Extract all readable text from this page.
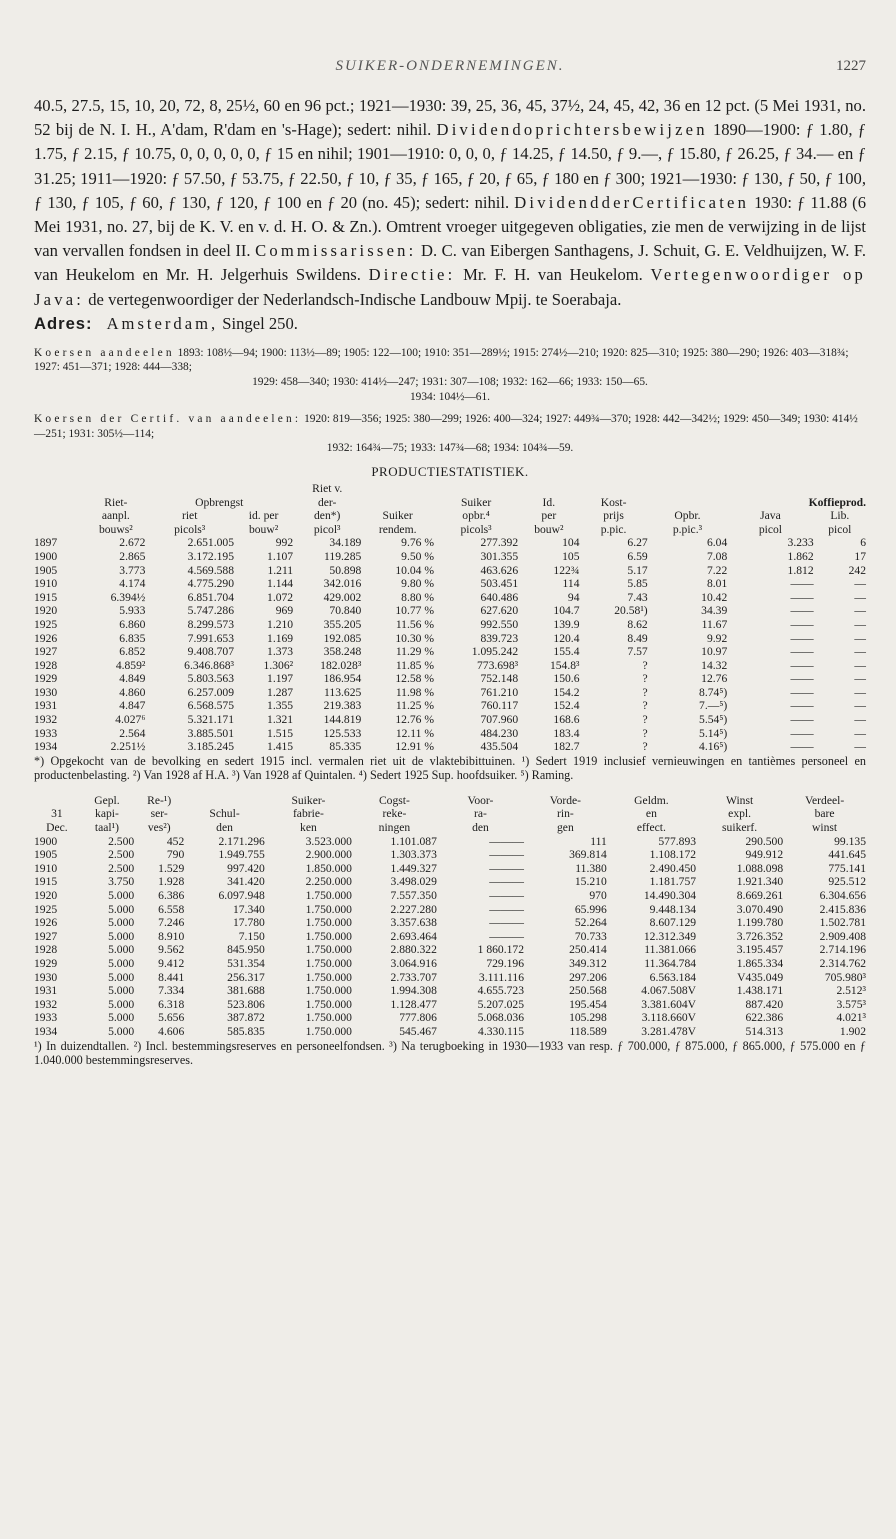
SUIKER-ONDERNEMINGEN.	1227

40.5, 27.5, 15, 10, 20, 72, 8, 25½, 60 en 96 pct.; 1921—1930: 39, 25, 36, 45, 37½, 24, 45, 42, 36 en 12 pct. (5 Mei 1931, no. 52 bij de N. I. H., A'dam, R'dam en 's-Hage); sedert: nihil. Dividendoprichtersbewijzen 1890—1900: ƒ 1.80, ƒ 1.75, ƒ 2.15, ƒ 10.75, 0, 0, 0, 0, 0, ƒ 15 en nihil; 1901—1910: 0, 0, 0, ƒ 14.25, ƒ 14.50, ƒ 9.—, ƒ 15.80, ƒ 26.25, ƒ 34.— en ƒ 31.25; 1911—1920: ƒ 57.50, ƒ 53.75, ƒ 22.50, ƒ 10, ƒ 35, ƒ 165, ƒ 20, ƒ 65, ƒ 180 en ƒ 300; 1921—1930: ƒ 130, ƒ 50, ƒ 100, ƒ 130, ƒ 105, ƒ 60, ƒ 130, ƒ 120, ƒ 100 en ƒ 20 (no. 45); sedert: nihil. DividendderCertificaten 1930: ƒ 11.88 (6 Mei 1931, no. 27, bij de K. V. en v. d. H. O. & Zn.). Omtrent vroeger uitgegeven obligaties, zie men de verwijzing in de lijst van vervallen fondsen in deel II. Commissarissen: D. C. van Eibergen Santhagens, J. Schuit, G. E. Veldhuijzen, W. F. van Heukelom en Mr. H. Jelgerhuis Swildens. Directie: Mr. F. H. van Heukelom. Vertegenwoordiger op Java: de vertegenwoordiger der Nederlandsch-Indische Landbouw Mpij. te Soerabaja.

Adres: Amsterdam, Singel 250.

Koersen aandeelen 1893: 108½—94; 1900: 113½—89; 1905: 122—100; 1910: 351—289½; 1915: 274½—210; 1920: 825—310; 1925: 380—290; 1926: 403—318¾; 1927: 451—371; 1928: 444—338;
1929: 458—340; 1930: 414½—247; 1931: 307—108; 1932: 162—66; 1933: 150—65.
1934: 104½—61.
Koersen der Certif. van aandeelen: 1920: 819—356; 1925: 380—299; 1926: 400—324; 1927: 449¾—370; 1928: 442—342½; 1929: 450—349; 1930: 414½—251; 1931: 305½—114;
1932: 164¾—75; 1933: 147¾—68; 1934: 104¾—59.
PRODUCTIESTATISTIEK.
				Riet v.							
	Riet-	Opbrengst		der-		Suiker	Id.	Kost-		Koffieprod.	
	aanpl.	riet	id. per	den*)	Suiker	opbr.⁴	per	prijs	Opbr.	Java	Lib.
	bouws²	picols³	bouw²	picol³	rendem.	picols³	bouw²	p.pic.	p.pic.³	picol	picol
1897	2.672	2.651.005	992	34.189	9.76 %	277.392	104	6.27	6.04	3.233	6
1900	2.865	3.172.195	1.107	119.285	9.50 %	301.355	105	6.59	7.08	1.862	17
1905	3.773	4.569.588	1.211	50.898	10.04 %	463.626	122¾	5.17	7.22	1.812	242
1910	4.174	4.775.290	1.144	342.016	9.80 %	503.451	114	5.85	8.01	——	—
1915	6.394½	6.851.704	1.072	429.002	8.80 %	640.486	94	7.43	10.42	——	—
1920	5.933	5.747.286	969	70.840	10.77 %	627.620	104.7	20.58¹)	34.39	——	—
1925	6.860	8.299.573	1.210	355.205	11.56 %	992.550	139.9	8.62	11.67	——	—
1926	6.835	7.991.653	1.169	192.085	10.30 %	839.723	120.4	8.49	9.92	——	—
1927	6.852	9.408.707	1.373	358.248	11.29 %	1.095.242	155.4	7.57	10.97	——	—
1928	4.859²	6.346.868³	1.306²	182.028³	11.85 %	773.698³	154.8³	?	14.32	——	—
1929	4.849	5.803.563	1.197	186.954	12.58 %	752.148	150.6	?	12.76	——	—
1930	4.860	6.257.009	1.287	113.625	11.98 %	761.210	154.2	?	8.74⁵)	——	—
1931	4.847	6.568.575	1.355	219.383	11.25 %	760.117	152.4	?	7.—⁵)	——	—
1932	4.027⁶	5.321.171	1.321	144.819	12.76 %	707.960	168.6	?	5.54⁵)	——	—
1933	2.564	3.885.501	1.515	125.533	12.11 %	484.230	183.4	?	5.14⁵)	——	—
1934	2.251½	3.185.245	1.415	85.335	12.91 %	435.504	182.7	?	4.16⁵)	——	—

*) Opgekocht van de bevolking en sedert 1915 incl. vermalen riet uit de vlaktebibittuinen. ¹) Sedert 1919 inclusief vernieuwingen en tantièmes personeel en productenbelasting. ²) Van 1928 af H.A. ³) Van 1928 af Quintalen. ⁴) Sedert 1925 Sup. hoofdsuiker. ⁵) Raming.

	Gepl.	Re-¹)		Suiker-	Cogst-	Voor-	Vorde-	Geldm.	Winst	Verdeel-
31	kapi-	ser-	Schul-	fabrie-	reke-	ra-	rin-	en	expl.	bare
Dec.	taal¹)	ves²)	den	ken	ningen	den	gen	effect.	suikerf.	winst
1900	2.500	452	2.171.296	3.523.000	1.101.087	———	111	577.893	290.500	99.135
1905	2.500	790	1.949.755	2.900.000	1.303.373	———	369.814	1.108.172	949.912	441.645
1910	2.500	1.529	997.420	1.850.000	1.449.327	———	11.380	2.490.450	1.088.098	775.141
1915	3.750	1.928	341.420	2.250.000	3.498.029	———	15.210	1.181.757	1.921.340	925.512
1920	5.000	6.386	6.097.948	1.750.000	7.557.350	———	970	14.490.304	8.669.261	6.304.656
1925	5.000	6.558	17.340	1.750.000	2.227.280	———	65.996	9.448.134	3.070.490	2.415.836
1926	5.000	7.246	17.780	1.750.000	3.357.638	———	52.264	8.607.129	1.199.780	1.502.781
1927	5.000	8.910	7.150	1.750.000	2.693.464	———	70.733	12.312.349	3.726.352	2.909.408
1928	5.000	9.562	845.950	1.750.000	2.880.322	1 860.172	250.414	11.381.066	3.195.457	2.714.196
1929	5.000	9.412	531.354	1.750.000	3.064.916	729.196	349.312	11.364.784	1.865.334	2.314.762
1930	5.000	8.441	256.317	1.750.000	2.733.707	3.111.116	297.206	6.563.184	V435.049	705.980³
1931	5.000	7.334	381.688	1.750.000	1.994.308	4.655.723	250.568	4.067.508V	1.438.171	2.512³
1932	5.000	6.318	523.806	1.750.000	1.128.477	5.207.025	195.454	3.381.604V	887.420	3.575³
1933	5.000	5.656	387.872	1.750.000	777.806	5.068.036	105.298	3.118.660V	622.386	4.021³
1934	5.000	4.606	585.835	1.750.000	545.467	4.330.115	118.589	3.281.478V	514.313	1.902

¹) In duizendtallen. ²) Incl. bestemmingsreserves en personeelfondsen. ³) Na terugboeking in 1930—1933 van resp. ƒ 700.000, ƒ 875.000, ƒ 865.000, ƒ 575.000 en ƒ 1.040.000 bestemmingsreserves.
